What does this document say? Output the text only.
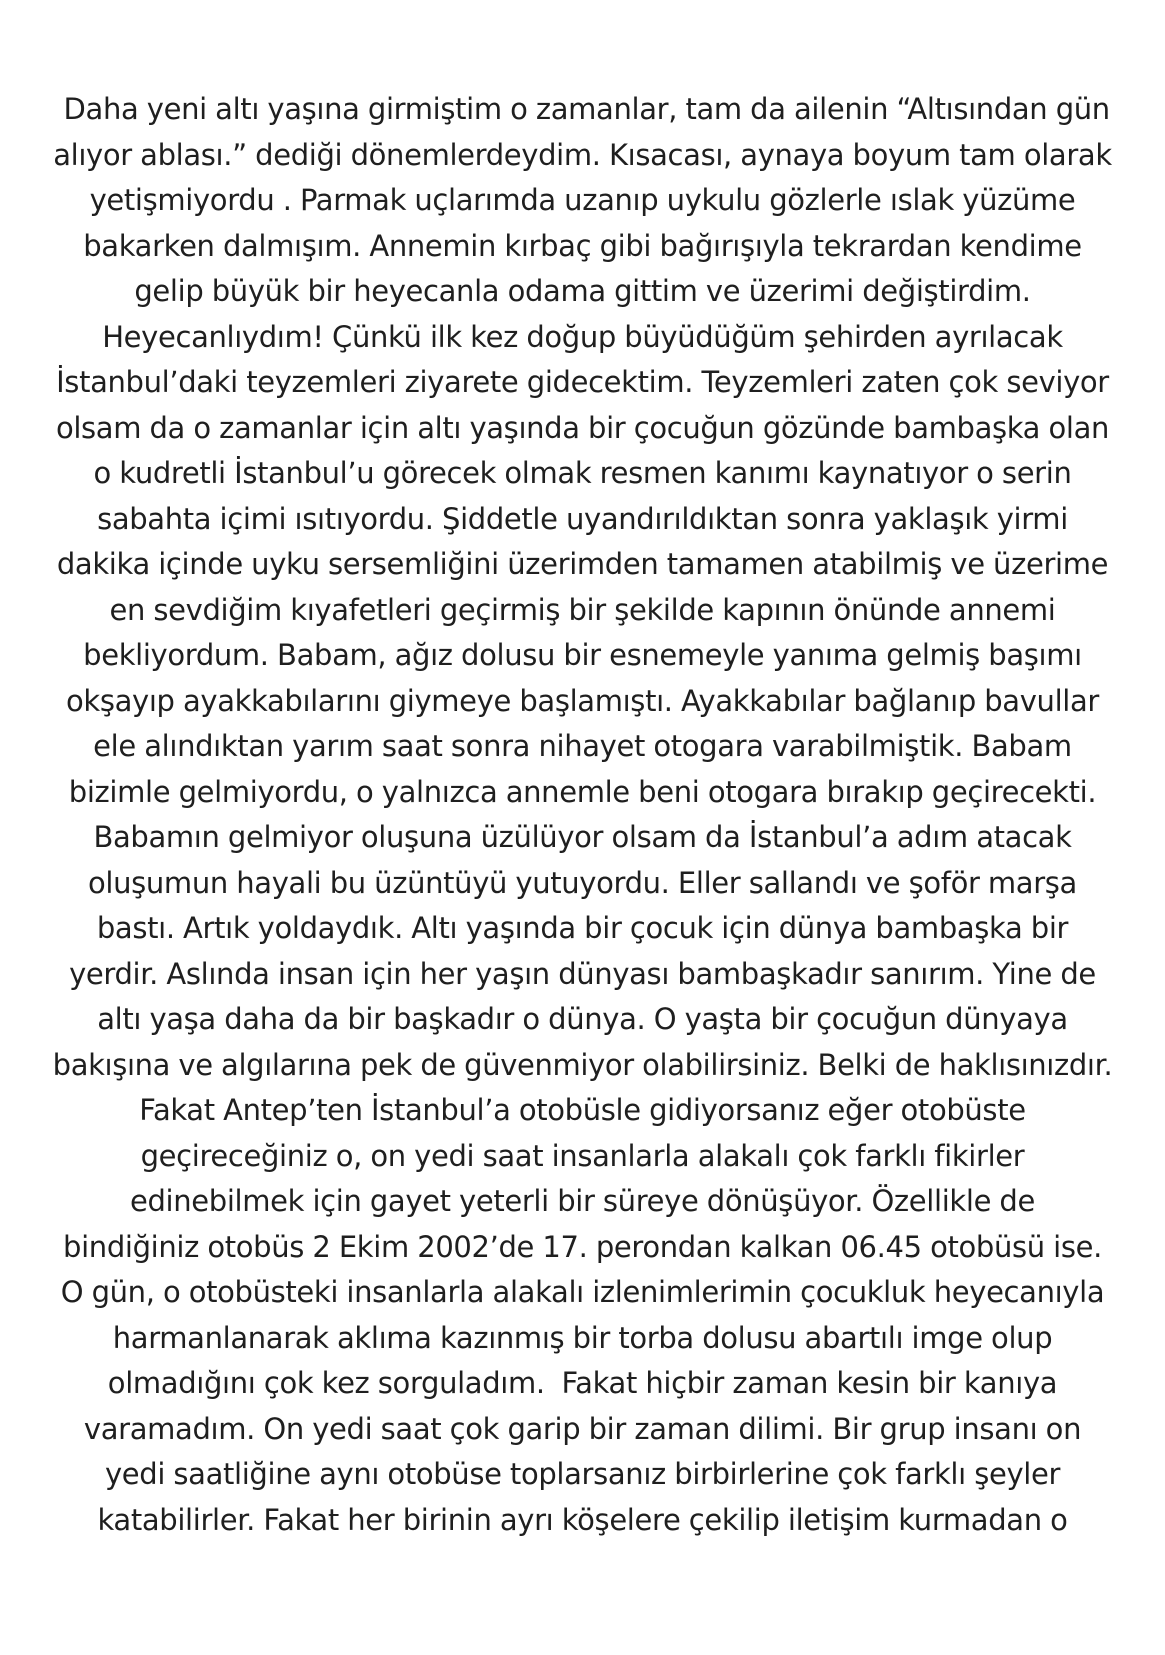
Daha yeni altı yaşına girmiştim o zamanlar, tam da ailenin “Altısından gün
alıyor ablası.” dediği dönemlerdeydim. Kısacası, aynaya boyum tam olarak
yetişmiyordu . Parmak uçlarımda uzanıp uykulu gözlerle ıslak yüzüme
bakarken dalmışım. Annemin kırbaç gibi bağırışıyla tekrardan kendime
gelip büyük bir heyecanla odama gittim ve üzerimi değiştirdim.
Heyecanlıydım! Çünkü ilk kez doğup büyüdüğüm şehirden ayrılacak
İstanbul’daki teyzemleri ziyarete gidecektim. Teyzemleri zaten çok seviyor
olsam da o zamanlar için altı yaşında bir çocuğun gözünde bambaşka olan
o kudretli İstanbul’u görecek olmak resmen kanımı kaynatıyor o serin
sabahta içimi ısıtıyordu. Şiddetle uyandırıldıktan sonra yaklaşık yirmi
dakika içinde uyku sersemliğini üzerimden tamamen atabilmiş ve üzerime
en sevdiğim kıyafetleri geçirmiş bir şekilde kapının önünde annemi
bekliyordum. Babam, ağız dolusu bir esnemeyle yanıma gelmiş başımı
okşayıp ayakkabılarını giymeye başlamıştı. Ayakkabılar bağlanıp bavullar
ele alındıktan yarım saat sonra nihayet otogara varabilmiştik. Babam
bizimle gelmiyordu, o yalnızca annemle beni otogara bırakıp geçirecekti.
Babamın gelmiyor oluşuna üzülüyor olsam da İstanbul’a adım atacak
oluşumun hayali bu üzüntüyü yutuyordu. Eller sallandı ve şoför marşa
bastı. Artık yoldaydık. Altı yaşında bir çocuk için dünya bambaşka bir
yerdir. Aslında insan için her yaşın dünyası bambaşkadır sanırım. Yine de
altı yaşa daha da bir başkadır o dünya. O yaşta bir çocuğun dünyaya
bakışına ve algılarına pek de güvenmiyor olabilirsiniz. Belki de haklısınızdır.
Fakat Antep’ten İstanbul’a otobüsle gidiyorsanız eğer otobüste
geçireceğiniz o, on yedi saat insanlarla alakalı çok farklı fikirler
edinebilmek için gayet yeterli bir süreye dönüşüyor. Özellikle de
bindiğiniz otobüs 2 Ekim 2002’de 17. perondan kalkan 06.45 otobüsü ise.
O gün, o otobüsteki insanlarla alakalı izlenimlerimin çocukluk heyecanıyla
harmanlanarak aklıma kazınmış bir torba dolusu abartılı imge olup
olmadığını çok kez sorguladım.  Fakat hiçbir zaman kesin bir kanıya
varamadım. On yedi saat çok garip bir zaman dilimi. Bir grup insanı on
yedi saatliğine aynı otobüse toplarsanız birbirlerine çok farklı şeyler
katabilirler. Fakat her birinin ayrı köşelere çekilip iletişim kurmadan o
